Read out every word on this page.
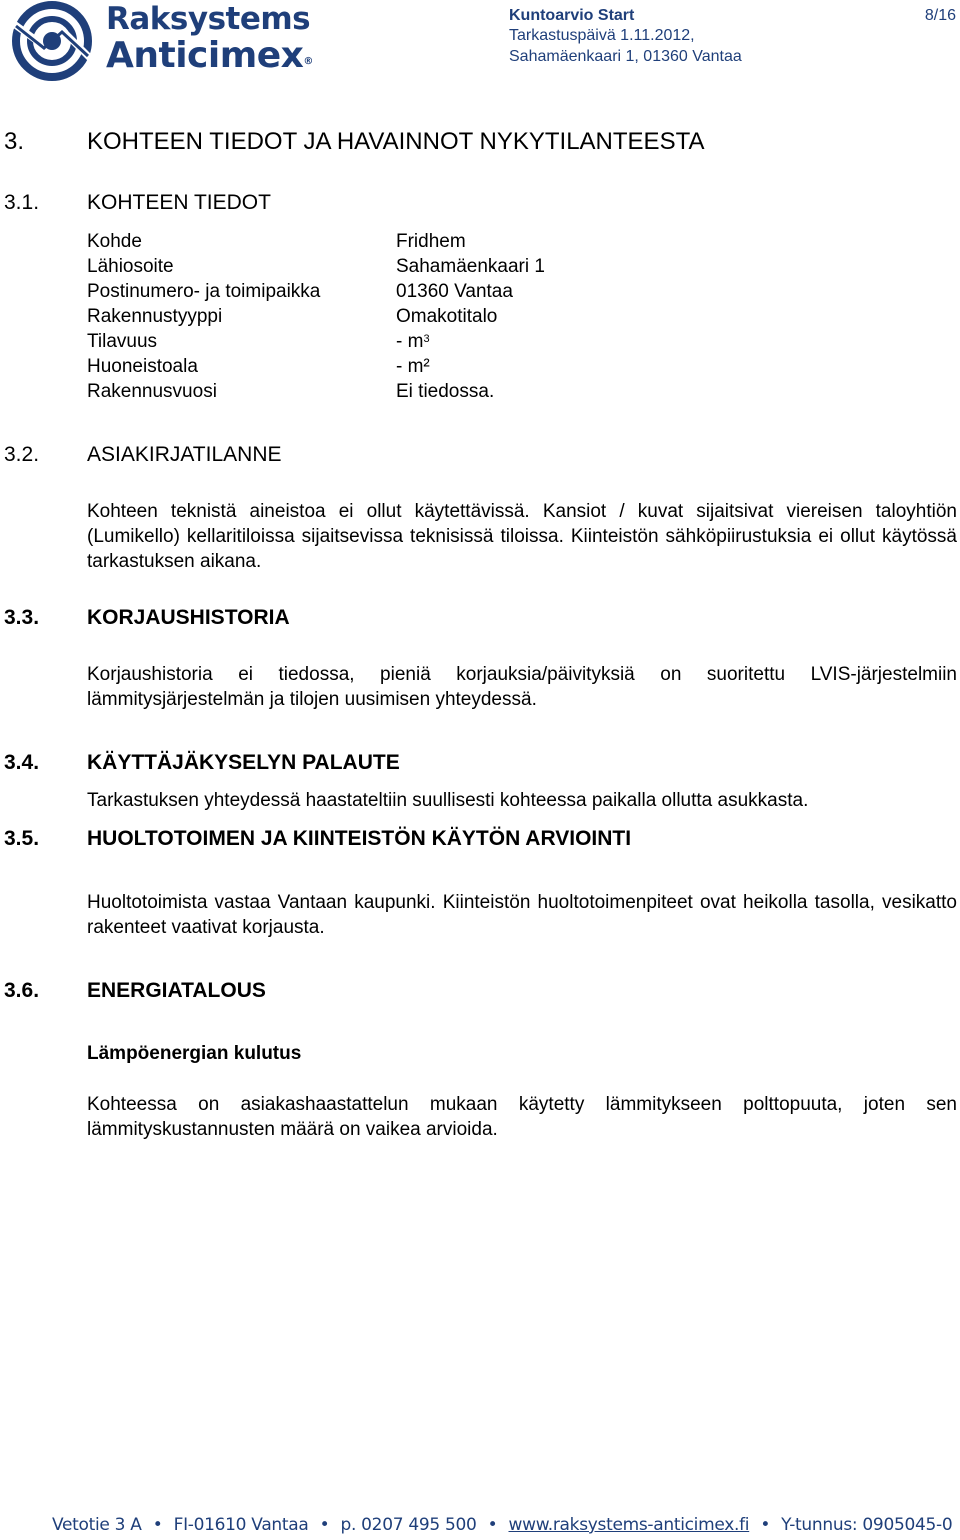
Raksystems
Anticimex®
Kuntoarvio Start
Tarkastuspäivä 1.11.2012,
Sahamäenkaari 1, 01360 Vantaa
8/16
3.	KOHTEEN TIEDOT JA HAVAINNOT NYKYTILANTEESTA
3.1. KOHTEEN TIEDOT
Kohde	Fridhem
Lähiosoite	Sahamäenkaari 1
Postinumero- ja toimipaikka	01360 Vantaa
Rakennustyyppi	Omakotitalo
Tilavuus	- $m^3$
Huoneistoala	- m²
Rakennusvuosi	Ei tiedossa.
3.2. ASIAKIRJATILANNE
Kohteen teknistä aineistoa ei ollut käytettävissä. Kansiot / kuvat sijaitsivat viereisen taloyhtiön (Lumikello) kellaritiloissa sijaitsevissa teknisissä tiloissa. Kiinteistön sähköpiirustuksia ei ollut käytössä tarkastuksen aikana.
3.3. KORJAUSHISTORIA
Korjaushistoria ei tiedossa, pieniä korjauksia/päivityksiä on suoritettu LVIS-järjestelmiin lämmitysjärjestelmän ja tilojen uusimisen yhteydessä.
3.4. KÄYTTÄJÄKYSELYN PALAUTE
Tarkastuksen yhteydessä haastateltiin suullisesti kohteessa paikalla ollutta asukkasta.
3.5. HUOLTOTOIMEN JA KIINTEISTÖN KÄYTÖN ARVIOINTI
Huoltotoimista vastaa Vantaan kaupunki. Kiinteistön huoltotoimenpiteet ovat heikolla tasolla, vesikatto rakenteet vaativat korjausta.
3.6. ENERGIATALOUS
Lämpöenergian kulutus
Kohteessa on asiakashaastattelun mukaan käytetty lämmitykseen polttopuuta, joten sen lämmityskustannusten määrä on vaikea arvioida.
Vetotie 3 A • FI-01610 Vantaa • p. 0207 495 500 • www.raksystems-anticimex.fi • Y-tunnus: 0905045-0
